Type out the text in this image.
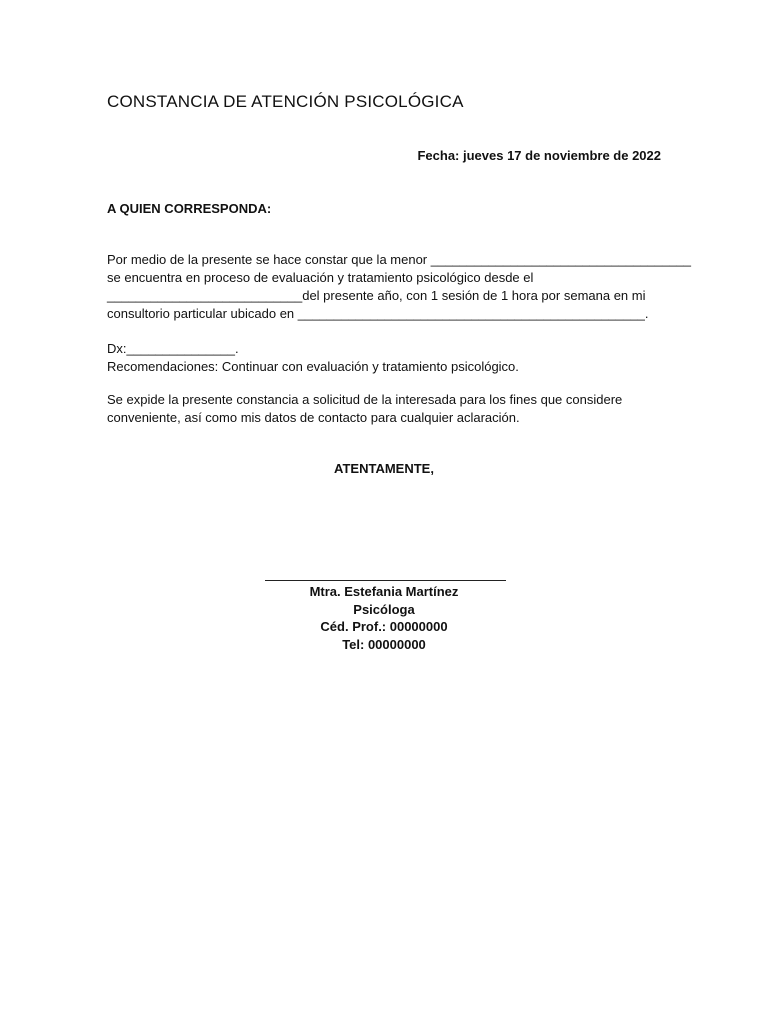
CONSTANCIA DE ATENCIÓN PSICOLÓGICA
Fecha: jueves 17 de noviembre de 2022
A QUIEN CORRESPONDA:
Por medio de la presente se hace constar que la menor ____________________________________
se encuentra en proceso de evaluación y tratamiento psicológico desde el
___________________________del presente año, con 1 sesión de 1 hora por semana en mi
consultorio particular ubicado en ________________________________________________.
Dx:_______________.
Recomendaciones: Continuar con evaluación y tratamiento psicológico.
Se expide la presente constancia a solicitud de la interesada para los fines que considere
conveniente, así como mis datos de contacto para cualquier aclaración.
ATENTAMENTE,
Mtra. Estefania Martínez
Psicóloga
Céd. Prof.: 00000000
Tel: 00000000
